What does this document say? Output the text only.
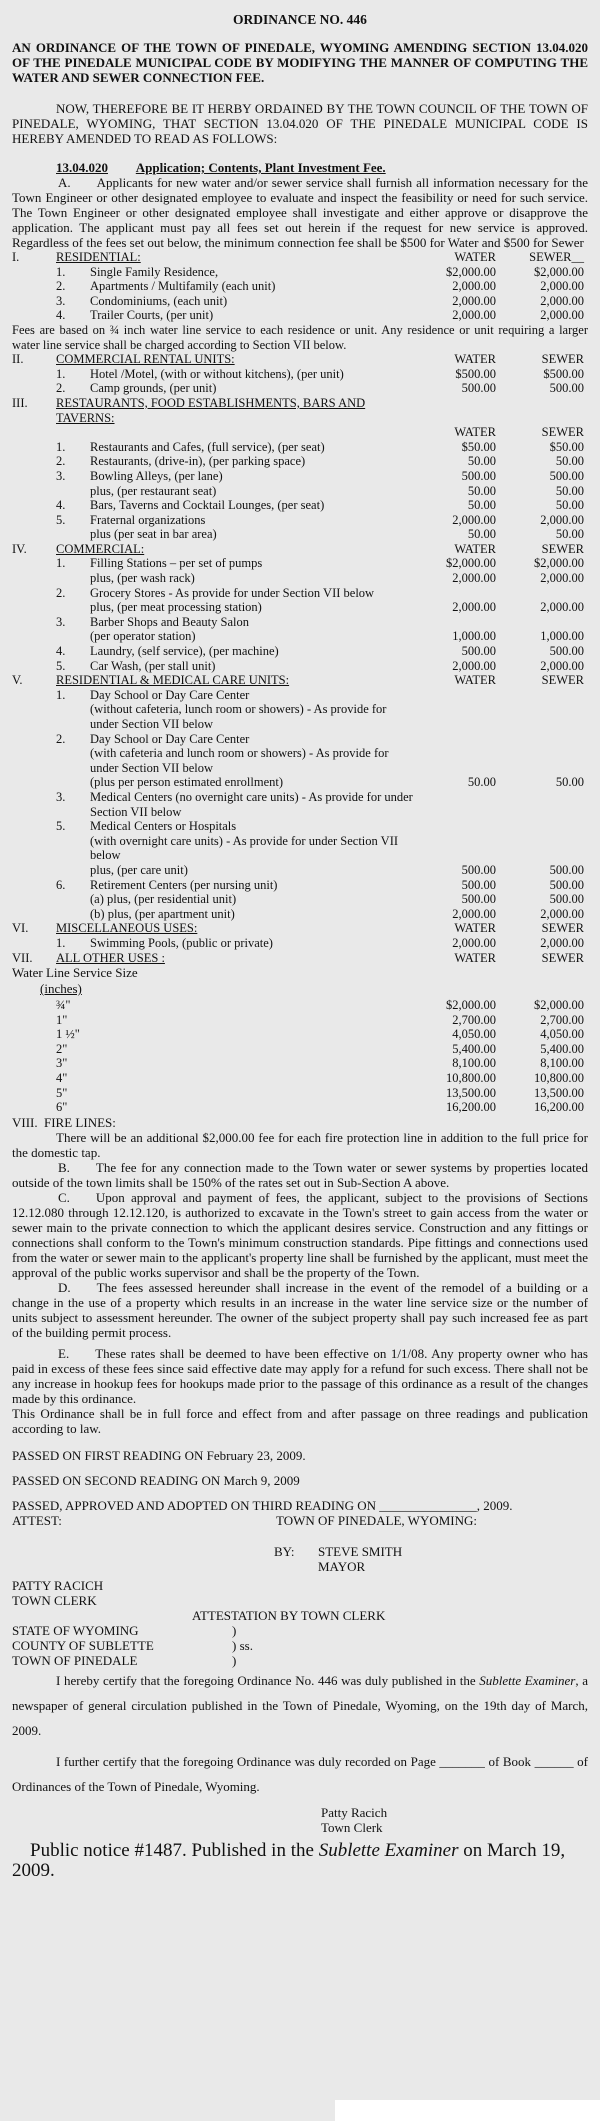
ORDINANCE NO. 446
AN ORDINANCE OF THE TOWN OF PINEDALE, WYOMING AMENDING SECTION 13.04.020 OF THE PINEDALE MUNICIPAL CODE BY MODIFYING THE MANNER OF COMPUTING THE WATER AND SEWER CONNECTION FEE.

NOW, THEREFORE BE IT HERBY ORDAINED BY THE TOWN COUNCIL OF THE TOWN OF PINEDALE, WYOMING, THAT SECTION 13.04.020 OF THE PINEDALE MUNICIPAL CODE IS HEREBY AMENDED TO READ AS FOLLOWS:

13.04.020 Application; Contents, Plant Investment Fee.

A. Applicants for new water and/or sewer service shall furnish all information necessary for the Town Engineer or other designated employee to evaluate and inspect the feasibility or need for such service. The Town Engineer or other designated employee shall investigate and either approve or disapprove the application. The applicant must pay all fees set out herein if the request for new service is approved. Regardless of the fees set out below, the minimum connection fee shall be $500 for Water and $500 for Sewer

I.	RESIDENTIAL:		WATER	SEWER__
	1.	Single Family Residence,	$2,000.00	$2,000.00
	2.	Apartments / Multifamily (each unit)	2,000.00	2,000.00
	3.	Condominiums, (each unit)	2,000.00	2,000.00
	4.	Trailer Courts, (per unit)	2,000.00	2,000.00
Fees are based on ¾ inch water line service to each residence or unit. Any residence or unit requiring a larger water line service shall be charged according to Section VII below.				
II.	COMMERCIAL RENTAL UNITS:		WATER	SEWER
	1.	Hotel /Motel, (with or without kitchens), (per unit)	$500.00	$500.00
	2.	Camp grounds, (per unit)	500.00	500.00
III.	RESTAURANTS, FOOD ESTABLISHMENTS, BARS AND TAVERNS:			
			WATER	SEWER
	1.	Restaurants and Cafes, (full service), (per seat)	$50.00	$50.00
	2.	Restaurants, (drive-in), (per parking space)	50.00	50.00
	3.	Bowling Alleys, (per lane)	500.00	500.00
		plus, (per restaurant seat)	50.00	50.00
	4.	Bars, Taverns and Cocktail Lounges, (per seat)	50.00	50.00
	5.	Fraternal organizations	2,000.00	2,000.00
		plus (per seat in bar area)	50.00	50.00
IV.	COMMERCIAL:		WATER	SEWER
	1.	Filling Stations – per set of pumps	$2,000.00	$2,000.00
		plus, (per wash rack)	2,000.00	2,000.00
	2.	Grocery Stores - As provide for under Section VII below		
		plus, (per meat processing station)	2,000.00	2,000.00
	3.	Barber Shops and Beauty Salon		
		(per operator station)	1,000.00	1,000.00
	4.	Laundry, (self service), (per machine)	500.00	500.00
	5.	Car Wash, (per stall unit)	2,000.00	2,000.00
V.	RESIDENTIAL & MEDICAL CARE UNITS:		WATER	SEWER
	1.	Day School or Day Care Center		
		(without cafeteria, lunch room or showers) - As provide for		
		under Section VII below		
	2.	Day School or Day Care Center		
		(with cafeteria and lunch room or showers) - As provide for		
		under Section VII below		
		(plus per person estimated enrollment)	50.00	50.00
	3.	Medical Centers (no overnight care units) - As provide for under Section VII below		
	5.	Medical Centers or Hospitals		
		(with overnight care units) - As provide for under Section VII below		
		plus, (per care unit)	500.00	500.00
	6.	Retirement Centers (per nursing unit)	500.00	500.00
		(a) plus, (per residential unit)	500.00	500.00
		(b) plus, (per apartment unit)	2,000.00	2,000.00
VI.	MISCELLANEOUS USES:		WATER	SEWER
	1.	Swimming Pools, (public or private)	2,000.00	2,000.00
VII.	ALL OTHER USES :		WATER	SEWER
Water Line Service Size
(inches)
¾"	$2,000.00	$2,000.00
1"	2,700.00	2,700.00
1 ½"	4,050.00	4,050.00
2"	5,400.00	5,400.00
3"	8,100.00	8,100.00
4"	10,800.00	10,800.00
5"	13,500.00	13,500.00
6"	16,200.00	16,200.00
VIII. FIRE LINES:

There will be an additional $2,000.00 fee for each fire protection line in addition to the full price for the domestic tap.

B. The fee for any connection made to the Town water or sewer systems by properties located outside of the town limits shall be 150% of the rates set out in Sub-Section A above.

C. Upon approval and payment of fees, the applicant, subject to the provisions of Sections 12.12.080 through 12.12.120, is authorized to excavate in the Town's street to gain access from the water or sewer main to the private connection to which the applicant desires service. Construction and any fittings or connections shall conform to the Town's minimum construction standards. Pipe fittings and connections used from the water or sewer main to the applicant's property line shall be furnished by the applicant, must meet the approval of the public works supervisor and shall be the property of the Town.

D. The fees assessed hereunder shall increase in the event of the remodel of a building or a change in the use of a property which results in an increase in the water line service size or the number of units subject to assessment hereunder. The owner of the subject property shall pay such increased fee as part of the building permit process.

E. These rates shall be deemed to have been effective on 1/1/08. Any property owner who has paid in excess of these fees since said effective date may apply for a refund for such excess. There shall not be any increase in hookup fees for hookups made prior to the passage of this ordinance as a result of the changes made by this ordinance.

This Ordinance shall be in full force and effect from and after passage on three readings and publication according to law.

PASSED ON FIRST READING ON February 23, 2009.
PASSED ON SECOND READING ON March 9, 2009
PASSED, APPROVED AND ADOPTED ON THIRD READING ON _______________, 2009.
ATTEST:	TOWN OF PINEDALE, WYOMING:
BY:	STEVE SMITH
MAYOR
PATTY RACICH
TOWN CLERK
ATTESTATION BY TOWN CLERK
STATE OF WYOMING	)
COUNTY OF SUBLETTE	) ss.
TOWN OF PINEDALE	)

I hereby certify that the foregoing Ordinance No. 446 was duly published in the Sublette Examiner, a newspaper of general circulation published in the Town of Pinedale, Wyoming, on the 19th day of March, 2009.

I further certify that the foregoing Ordinance was duly recorded on Page _______ of Book ______ of Ordinances of the Town of Pinedale, Wyoming.

Patty Racich
Town Clerk
Public notice #1487. Published in the Sublette Examiner on March 19,
2009.
